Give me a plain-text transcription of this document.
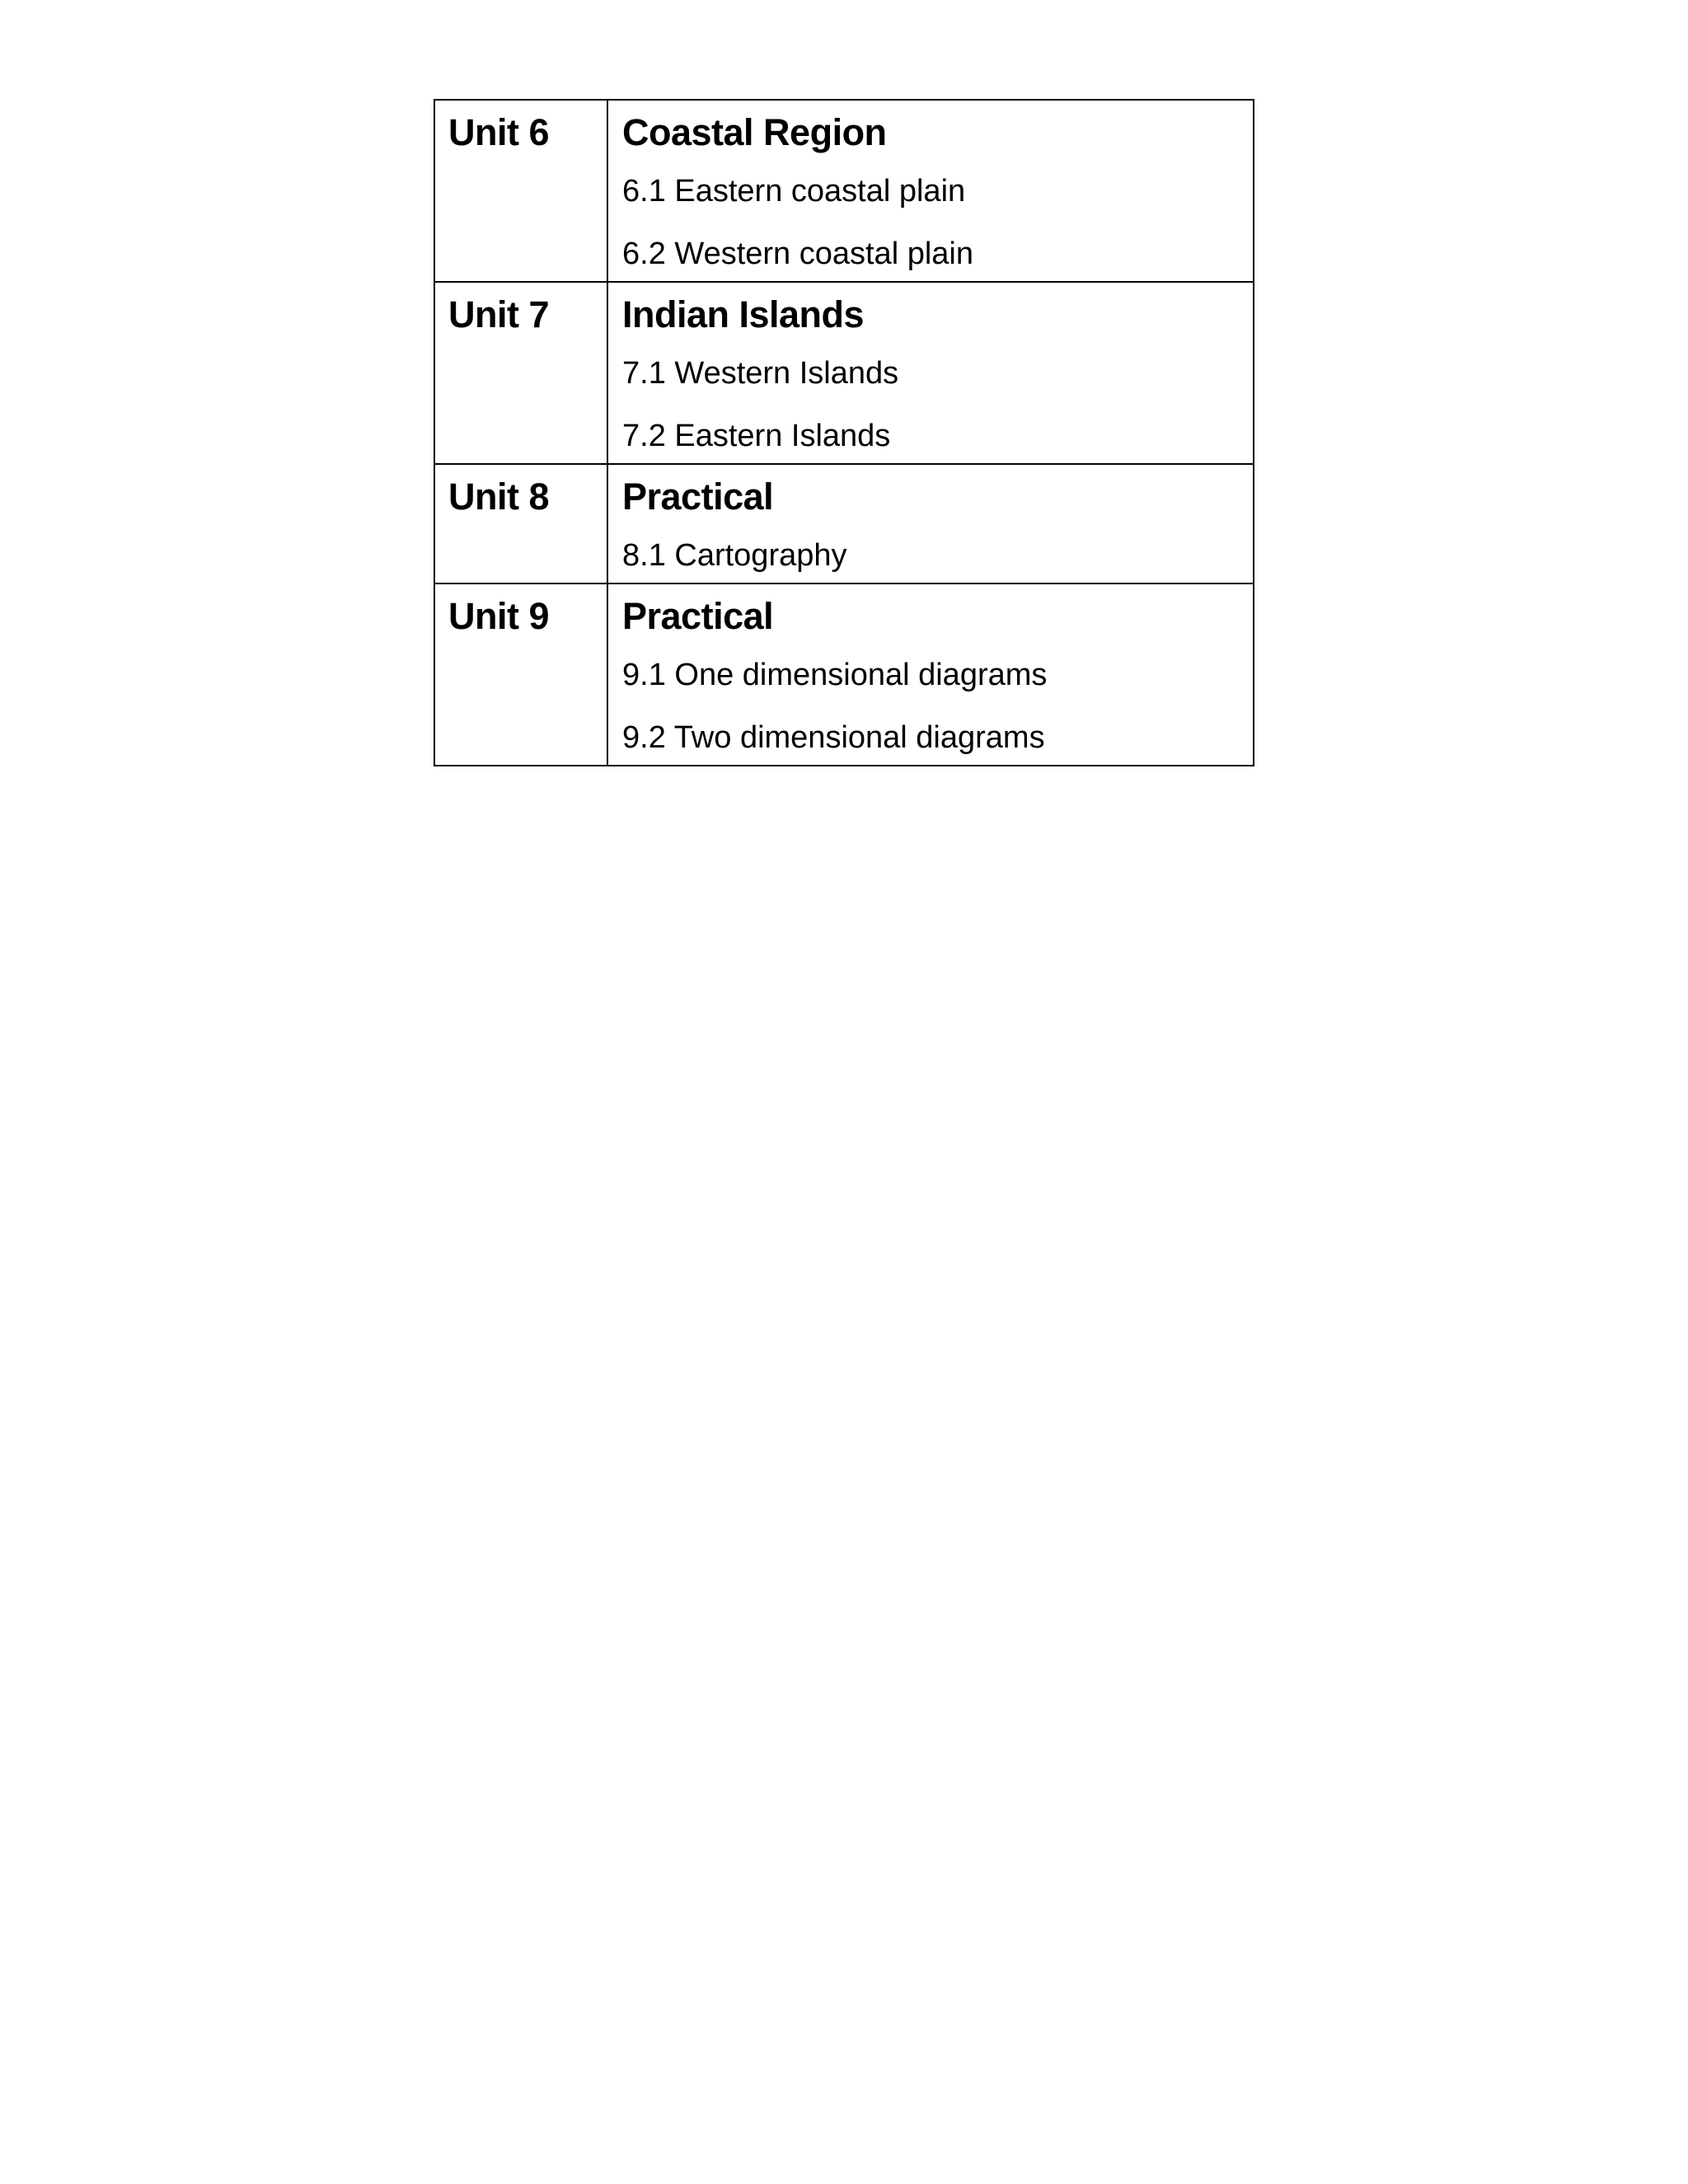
Unit 6	Coastal Region
6.1 Eastern coastal plain
6.2 Western coastal plain

Unit 7	Indian Islands
7.1 Western Islands
7.2 Eastern Islands

Unit 8	Practical
8.1 Cartography

Unit 9	Practical
9.1 One dimensional diagrams
9.2 Two dimensional diagrams
